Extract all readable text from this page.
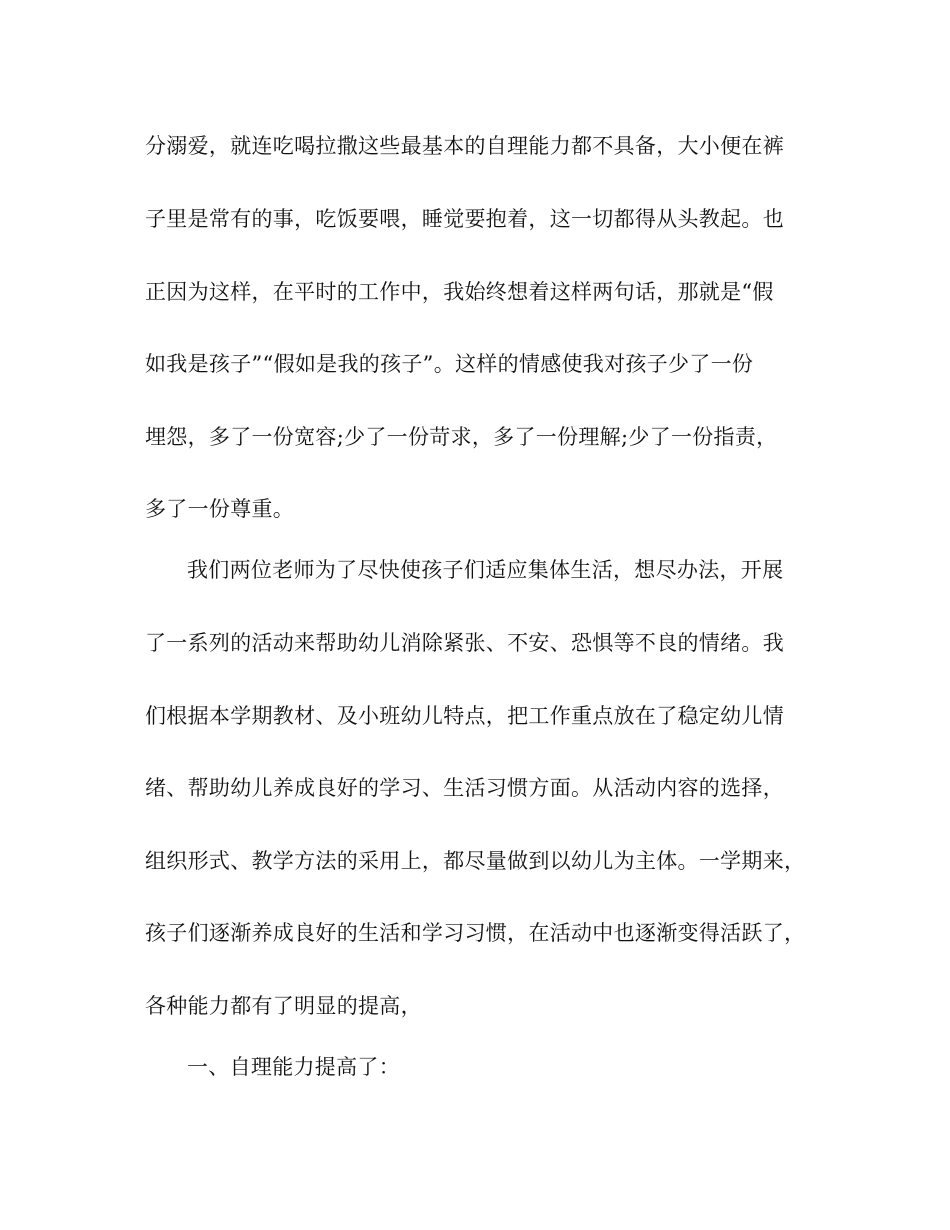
分溺爱，就连吃喝拉撒这些最基本的自理能力都不具备，大小便在裤
子里是常有的事，吃饭要喂，睡觉要抱着，这一切都得从头教起。也
正因为这样，在平时的工作中，我始终想着这样两句话，那就是“假
如我是孩子”“假如是我的孩子”。这样的情感使我对孩子少了一份
埋怨，多了一份宽容;少了一份苛求，多了一份理解;少了一份指责，
多了一份尊重。
我们两位老师为了尽快使孩子们适应集体生活，想尽办法，开展
了一系列的活动来帮助幼儿消除紧张、不安、恐惧等不良的情绪。我
们根据本学期教材、及小班幼儿特点，把工作重点放在了稳定幼儿情
绪、帮助幼儿养成良好的学习、生活习惯方面。从活动内容的选择，
组织形式、教学方法的采用上，都尽量做到以幼儿为主体。一学期来，
孩子们逐渐养成良好的生活和学习习惯，在活动中也逐渐变得活跃了，
各种能力都有了明显的提高，
一、自理能力提高了：
